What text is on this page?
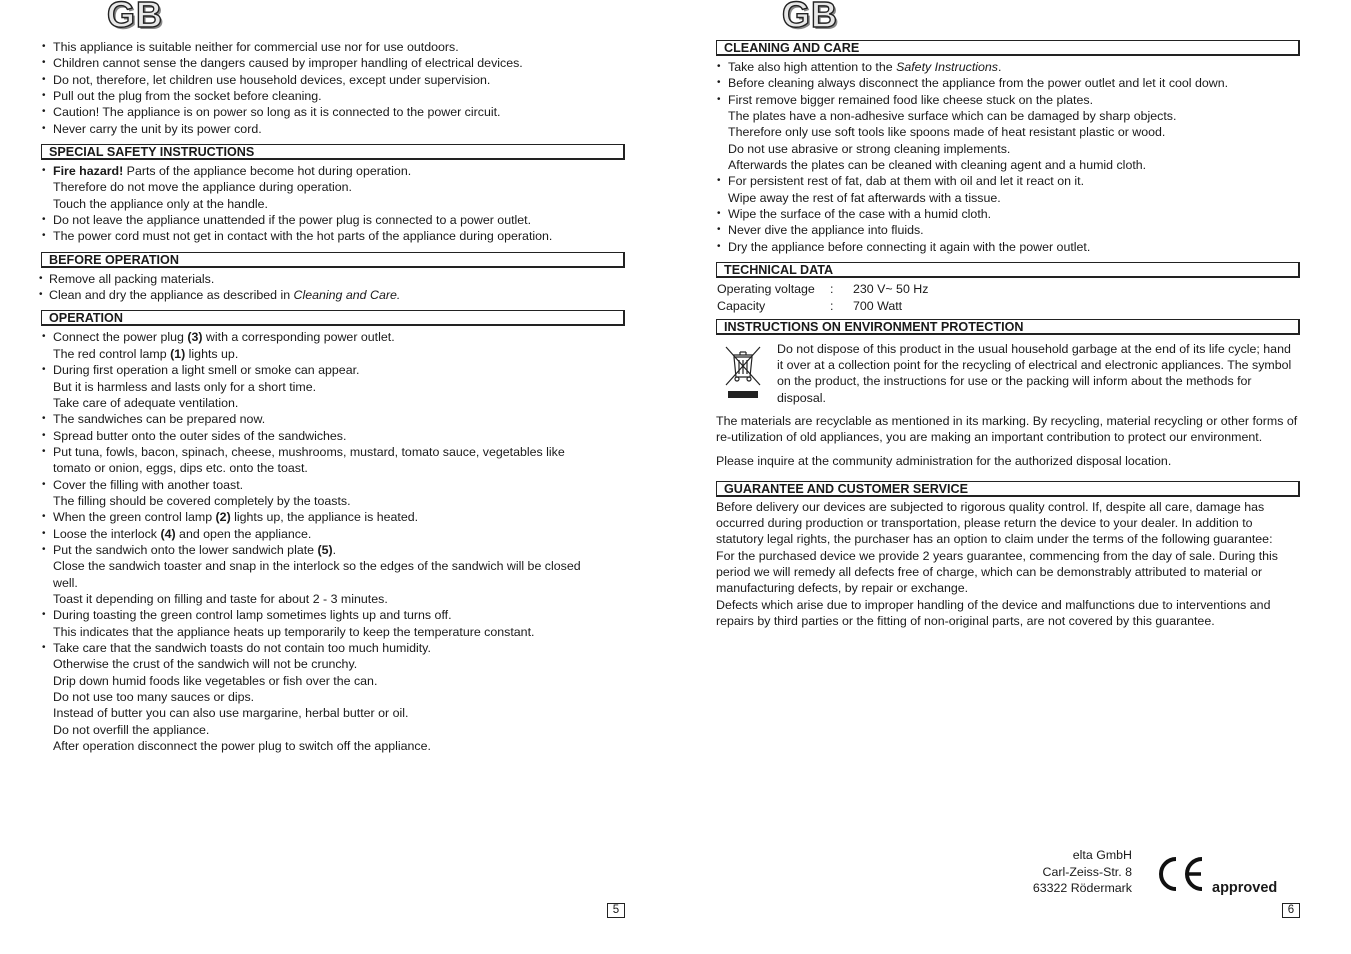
GB
• This appliance is suitable neither for commercial use nor for use outdoors.
• Children cannot sense the dangers caused by improper handling of electrical devices.
• Do not, therefore, let children use household devices, except under supervision.
• Pull out the plug from the socket before cleaning.
• Caution! The appliance is on power so long as it is connected to the power circuit.
• Never carry the unit by its power cord.
SPECIAL SAFETY INSTRUCTIONS
• Fire hazard! Parts of the appliance become hot during operation.
Therefore do not move the appliance during operation.
Touch the appliance only at the handle.
• Do not leave the appliance unattended if the power plug is connected to a power outlet.
• The power cord must not get in contact with the hot parts of the appliance during operation.
BEFORE OPERATION
• Remove all packing materials.
• Clean and dry the appliance as described in Cleaning and Care.
OPERATION
• Connect the power plug (3) with a corresponding power outlet.
The red control lamp (1) lights up.
• During first operation a light smell or smoke can appear.
But it is harmless and lasts only for a short time.
Take care of adequate ventilation.
• The sandwiches can be prepared now.
• Spread butter onto the outer sides of the sandwiches.
• Put tuna, fowls, bacon, spinach, cheese, mushrooms, mustard, tomato sauce, vegetables like
tomato or onion, eggs, dips etc. onto the toast.
• Cover the filling with another toast.
The filling should be covered completely by the toasts.
• When the green control lamp (2) lights up, the appliance is heated.
• Loose the interlock (4) and open the appliance.
• Put the sandwich onto the lower sandwich plate (5).
Close the sandwich toaster and snap in the interlock so the edges of the sandwich will be closed
well.
Toast it depending on filling and taste for about 2 - 3 minutes.
• During toasting the green control lamp sometimes lights up and turns off.
This indicates that the appliance heats up temporarily to keep the temperature constant.
• Take care that the sandwich toasts do not contain too much humidity.
Otherwise the crust of the sandwich will not be crunchy.
Drip down humid foods like vegetables or fish over the can.
Do not use too many sauces or dips.
Instead of butter you can also use margarine, herbal butter or oil.
Do not overfill the appliance.
After operation disconnect the power plug to switch off the appliance.
5
GB
CLEANING AND CARE
• Take also high attention to the Safety Instructions.
• Before cleaning always disconnect the appliance from the power outlet and let it cool down.
• First remove bigger remained food like cheese stuck on the plates.
The plates have a non-adhesive surface which can be damaged by sharp objects.
Therefore only use soft tools like spoons made of heat resistant plastic or wood.
Do not use abrasive or strong cleaning implements.
Afterwards the plates can be cleaned with cleaning agent and a humid cloth.
• For persistent rest of fat, dab at them with oil and let it react on it.
Wipe away the rest of fat afterwards with a tissue.
• Wipe the surface of the case with a humid cloth.
• Never dive the appliance into fluids.
• Dry the appliance before connecting it again with the power outlet.
TECHNICAL DATA
Operating voltage : 230 V~ 50 Hz
Capacity	: 700 Watt
INSTRUCTIONS ON ENVIRONMENT PROTECTION
Do not dispose of this product in the usual household garbage at the end of its life cycle; hand it over at a collection point for the recycling of electrical and electronic appliances. The symbol on the product, the instructions for use or the packing will inform about the methods for disposal.

The materials are recyclable as mentioned in its marking. By recycling, material recycling or other forms of re-utilization of old appliances, you are making an important contribution to protect our environment.

Please inquire at the community administration for the authorized disposal location.

GUARANTEE AND CUSTOMER SERVICE

Before delivery our devices are subjected to rigorous quality control. If, despite all care, damage has occurred during production or transportation, please return the device to your dealer. In addition to statutory legal rights, the purchaser has an option to claim under the terms of the following guarantee:

For the purchased device we provide 2 years guarantee, commencing from the day of sale. During this period we will remedy all defects free of charge, which can be demonstrably attributed to material or manufacturing defects, by repair or exchange.

Defects which arise due to improper handling of the device and malfunctions due to interventions and repairs by third parties or the fitting of non-original parts, are not covered by this guarantee.

elta GmbH
Carl-Zeiss-Str. 8
63322 Rödermark	approved
6
